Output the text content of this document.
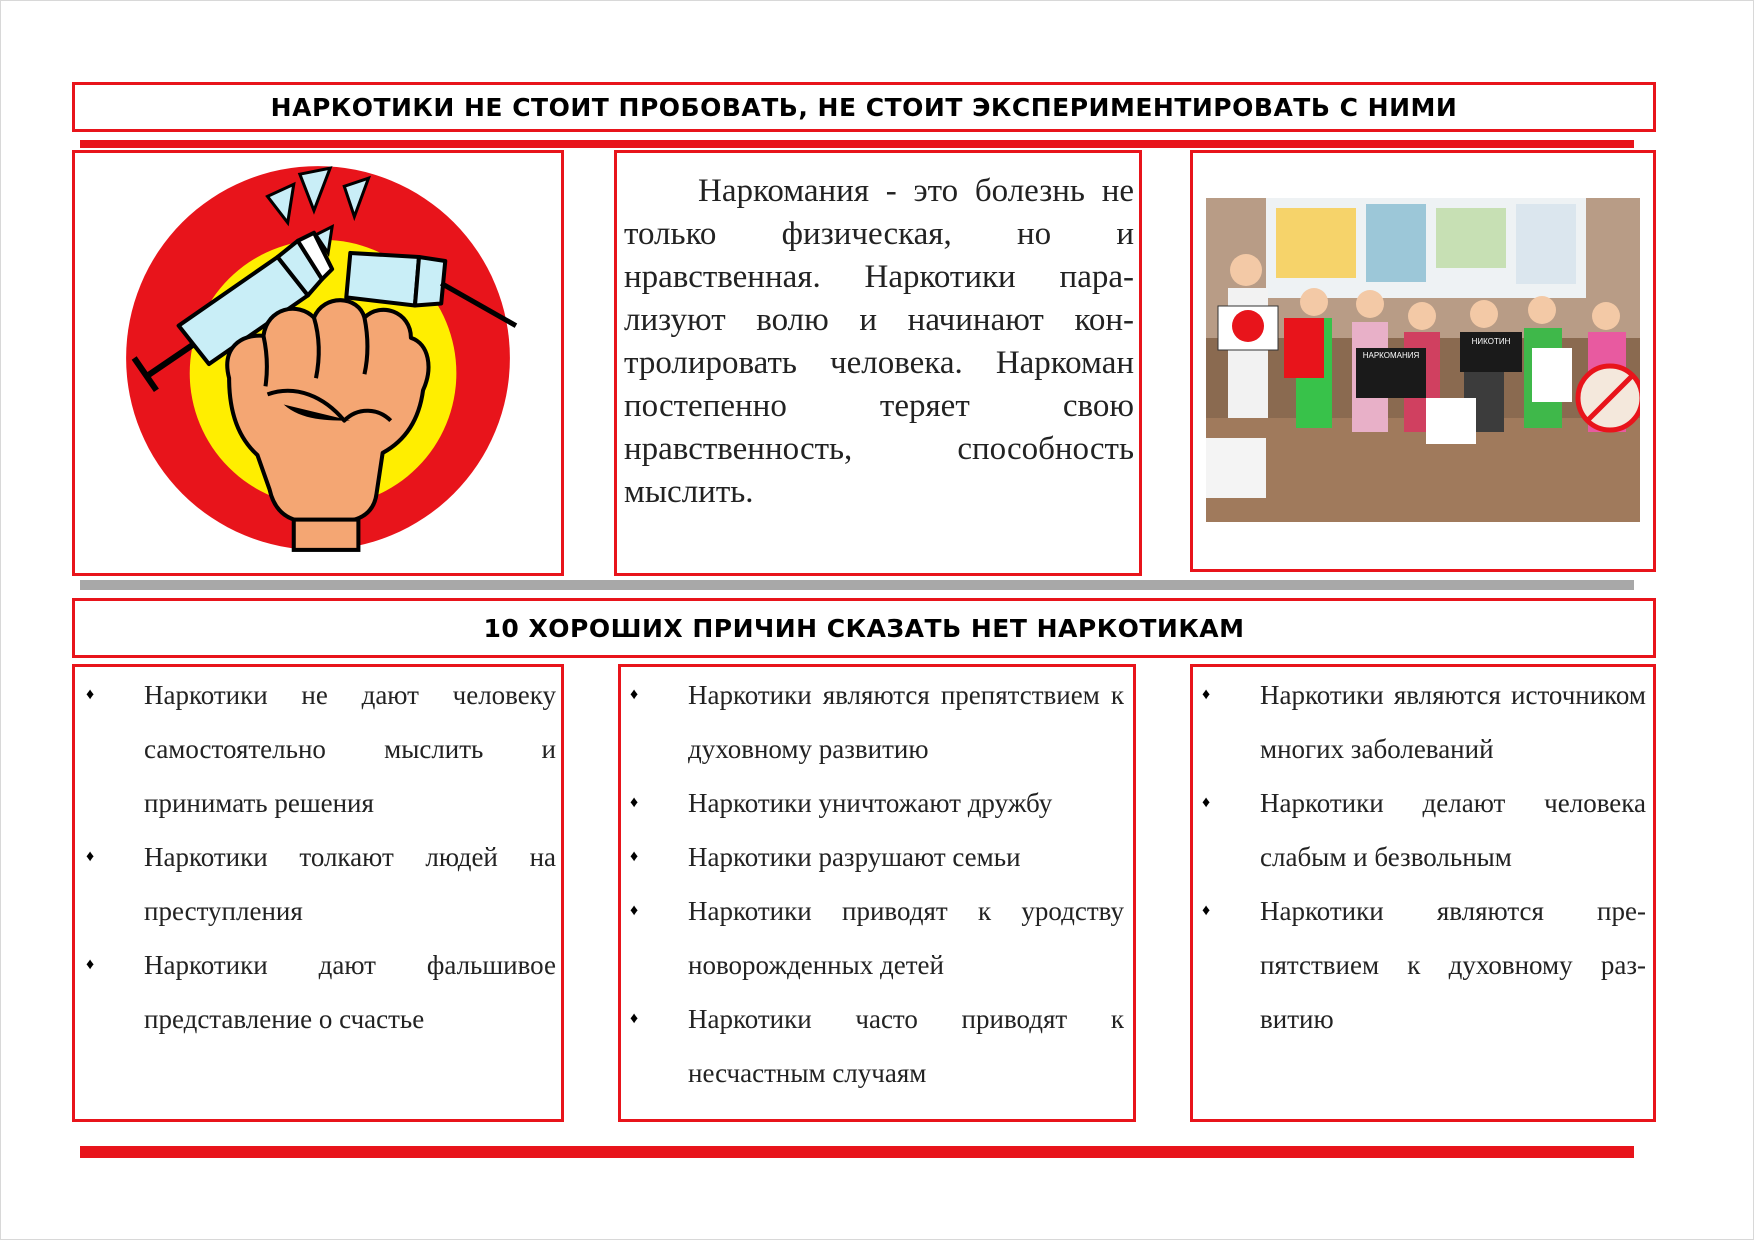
НАРКОТИКИ НЕ СТОИТ ПРОБОВАТЬ, НЕ СТОИТ ЭКСПЕРИМЕНТИРОВАТЬ С НИМИ

Наркомания - это болезнь не только физическая, но и нравственная. Наркотики парализуют волю и начинают контролировать человека. Наркоман постепенно теряет свою нравственность, способность мыслить.

НАРКОМАНИЯ
НИКОТИН
10 ХОРОШИХ ПРИЧИН СКАЗАТЬ НЕТ НАРКОТИКАМ
♦ Наркотики не дают человеку самостоятельно мыслить и принимать решения
♦ Наркотики толкают людей на преступления
♦ Наркотики дают фальшивое представление о счастье
♦ Наркотики являются препятствием к духовному развитию
♦ Наркотики уничтожают дружбу
♦ Наркотики разрушают семьи
♦ Наркотики приводят к уродству новорожденных детей
♦ Наркотики часто приводят к несчастным случаям
♦ Наркотики являются источником многих заболеваний
♦ Наркотики делают человека слабым и безвольным
♦ Наркотики являются препятствием к духовному развитию
